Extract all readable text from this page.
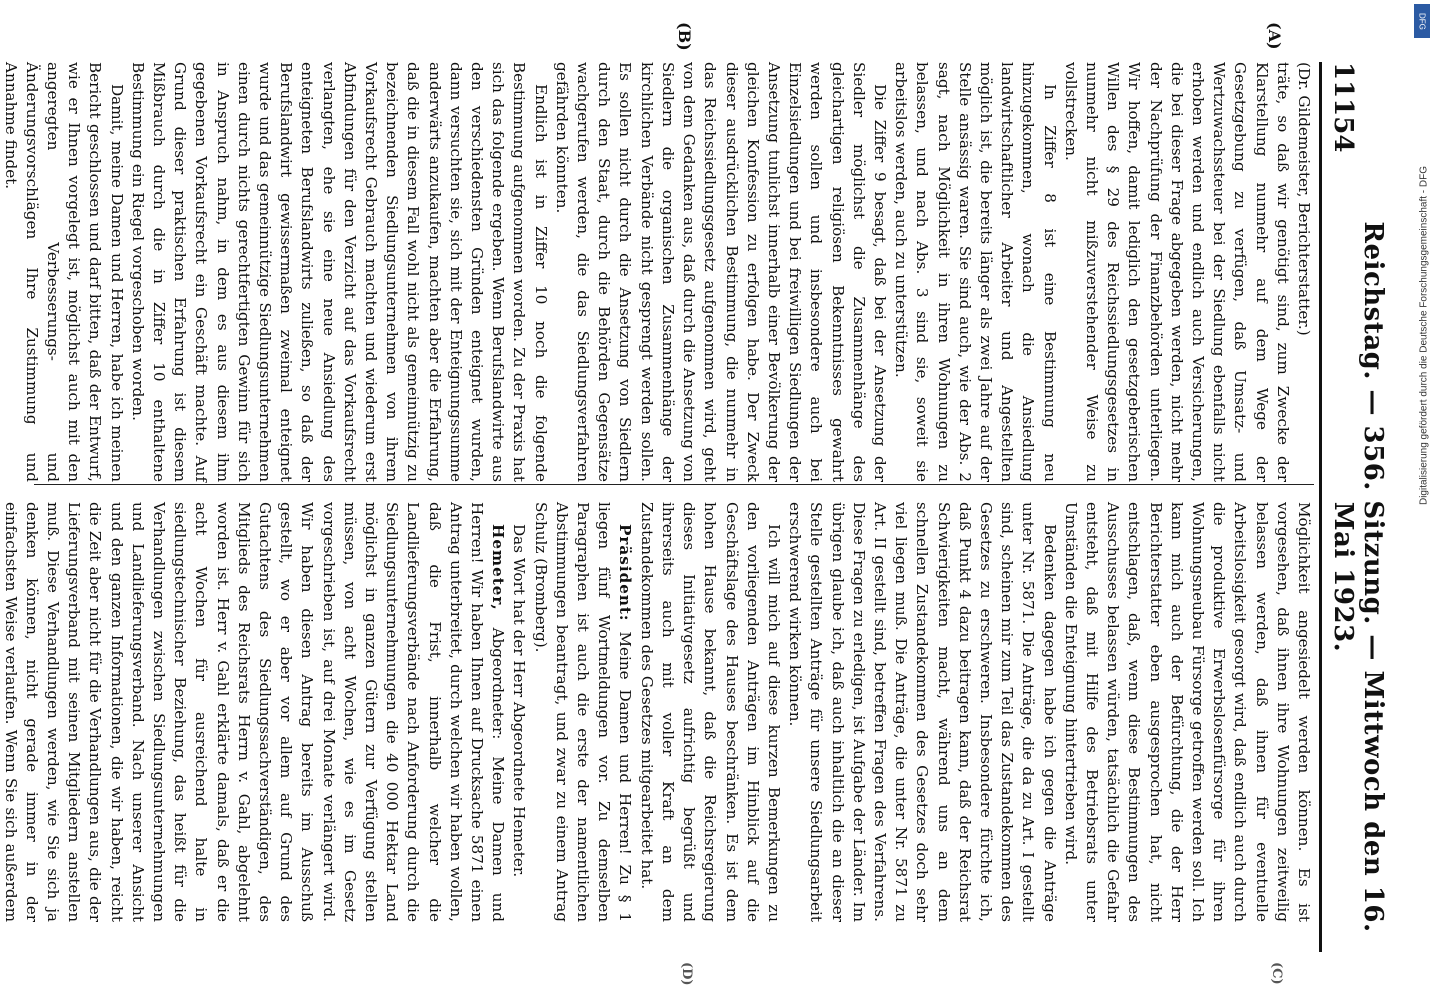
11154
Reichstag. — 356. Sitzung. — Mittwoch den 16. Mai 1923.
(A)
(B)
(C)
(D)

(Dr. Gildemeister, Berichterstatter.)

träte, so daß wir genötigt sind, zum Zwecke der Klarstellung nunmehr auf dem Wege der Gesetzgebung zu verfügen, daß Umsatz- und Wertzuwachssteuer bei der Siedlung ebenfalls nicht erhoben werden und endlich auch Versicherungen, die bei dieser Frage abgegeben werden, nicht mehr der Nachprüfung der Finanzbehörden unterliegen. Wir hoffen, damit lediglich den gesetzgeberischen Willen des § 29 des Reichssiedlungsgesetzes in nunmehr nicht mißzuverstehender Weise zu vollstrecken.

In Ziffer 8 ist eine Bestimmung neu hinzugekommen, wonach die Ansiedlung landwirtschaftlicher Arbeiter und Angestellten möglich ist, die bereits länger als zwei Jahre auf der Stelle ansässig waren. Sie sind auch, wie der Abs. 2 sagt, nach Möglichkeit in ihren Wohnungen zu belassen, und nach Abs. 3 sind sie, soweit sie arbeitslos werden, auch zu unterstützen.

Die Ziffer 9 besagt, daß bei der Ansetzung der Siedler möglichst die Zusammenhänge des gleichartigen religiösen Bekenntnisses gewahrt werden sollen und insbesondere auch bei Einzelsiedlungen und bei freiwilligen Siedlungen der Ansetzung tunlichst innerhalb einer Bevölkerung der gleichen Konfession zu erfolgen habe. Der Zweck dieser ausdrücklichen Bestimmung, die nunmehr in das Reichssiedlungsgesetz aufgenommen wird, geht von dem Gedanken aus, daß durch die Ansetzung von Siedlern die organischen Zusammenhänge der kirchlichen Verbände nicht gesprengt werden sollen. Es sollen nicht durch die Ansetzung von Siedlern durch den Staat, durch die Behörden Gegensätze wachgerufen werden, die das Siedlungsverfahren gefährden könnten.

Endlich ist in Ziffer 10 noch die folgende Bestimmung aufgenommen worden. Zu der Praxis hat sich das folgende ergeben. Wenn Berufslandwirte aus den verschiedensten Gründen enteignet wurden, dann versuchten sie, sich mit der Enteignungssumme anderwärts anzukaufen, machten aber die Erfahrung, daß die in diesem Fall wohl nicht als gemeinnützig zu bezeichnenden Siedlungsunternehmen von ihrem Vorkaufsrecht Gebrauch machten und wiederum erst Abfindungen für den Verzicht auf das Vorkaufsrecht verlangten, ehe sie eine neue Ansiedlung des enteigneten Berufslandwirts zuließen, so daß der Berufslandwirt gewissermaßen zweimal enteignet wurde und das gemeinnützige Siedlungsunternehmen einen durch nichts gerechtfertigten Gewinn für sich in Anspruch nahm, in dem es aus diesem ihm gegebenen Vorkaufsrecht ein Geschäft machte. Auf Grund dieser praktischen Erfahrung ist diesem Mißbrauch durch die in Ziffer 10 enthaltene Bestimmung ein Riegel vorgeschoben worden.

Damit, meine Damen und Herren, habe ich meinen Bericht geschlossen und darf bitten, daß der Entwurf, wie er Ihnen vorgelegt ist, möglichst auch mit den angeregten Verbesserungs- und Änderungsvorschlägen Ihre Zustimmung und Annahme findet.

Möglichkeit angesiedelt werden können. Es ist vorgesehen, daß ihnen ihre Wohnungen zeitweilig belassen werden, daß ihnen für eventuelle Arbeitslosigkeit gesorgt wird, daß endlich auch durch die produktive Erwerbslosenfürsorge für ihren Wohnungsneubau Fürsorge getroffen werden soll. Ich kann mich auch der Befürchtung, die der Herr Berichterstatter eben ausgesprochen hat, nicht entschlagen, daß, wenn diese Bestimmungen des Ausschusses belassen würden, tatsächlich die Gefahr entsteht, daß mit Hilfe des Betriebsrats unter Umständen die Enteignung hintertrieben wird.

Bedenken dagegen habe ich gegen die Anträge unter Nr. 5871. Die Anträge, die da zu Art. I gestellt sind, scheinen mir zum Teil das Zustandekommen des Gesetzes zu erschweren. Insbesondere fürchte ich, daß Punkt 4 dazu beitragen kann, daß der Reichsrat Schwierigkeiten macht, während uns an dem schnellen Zustandekommen des Gesetzes doch sehr viel liegen muß. Die Anträge, die unter Nr. 5871 zu Art. II gestellt sind, betreffen Fragen des Verfahrens. Diese Fragen zu erledigen, ist Aufgabe der Länder. Im übrigen glaube ich, daß auch inhaltlich die an dieser Stelle gestellten Anträge für unsere Siedlungsarbeit erschwerend wirken können.

Ich will mich auf diese kurzen Bemerkungen zu den vorliegenden Anträgen im Hinblick auf die Geschäftslage des Hauses beschränken. Es ist dem hohen Hause bekannt, daß die Reichsregierung dieses Initiativgesetz aufrichtig begrüßt und ihrerseits auch mit voller Kraft an dem Zustandekommen des Gesetzes mitgearbeitet hat.

Präsident: Meine Damen und Herren! Zu § 1 liegen fünf Wortmeldungen vor. Zu demselben Paragraphen ist auch die erste der namentlichen Abstimmungen beantragt, und zwar zu einem Antrag Schulz (Bromberg).

Das Wort hat der Herr Abgeordnete Hemeter.

Hemeter, Abgeordneter: Meine Damen und Herren! Wir haben Ihnen auf Drucksache 5871 einen Antrag unterbreitet, durch welchen wir haben wollen, daß die Frist, innerhalb welcher die Landlieferungsverbände nach Anforderung durch die Siedlungsunternehmungen die 40 000 Hektar Land möglichst in ganzen Gütern zur Verfügung stellen müssen, von acht Wochen, wie es im Gesetz vorgeschrieben ist, auf drei Monate verlängert wird. Wir haben diesen Antrag bereits im Ausschuß gestellt, wo er aber vor allem auf Grund des Gutachtens des Siedlungssachverständigen, des Mitglieds des Reichsrats Herrn v. Gahl, abgelehnt worden ist. Herr v. Gahl erklärte damals, daß er die acht Wochen für ausreichend halte in siedlungstechnischer Beziehung, das heißt für die Verhandlungen zwischen Siedlungsunternehmungen und Landlieferungsverband. Nach unserer Ansicht und den ganzen Informationen, die wir haben, reicht die Zeit aber nicht für die Verhandlungen aus, die der Lieferungsverband mit seinen Mitgliedern anstellen muß. Diese Verhandlungen werden, wie Sie sich ja denken können, nicht gerade immer in der einfachsten Weise verlaufen. Wenn Sie sich außerdem

DFG
Digitalisierung gefördert durch die Deutsche Forschungsgemeinschaft - DFG
